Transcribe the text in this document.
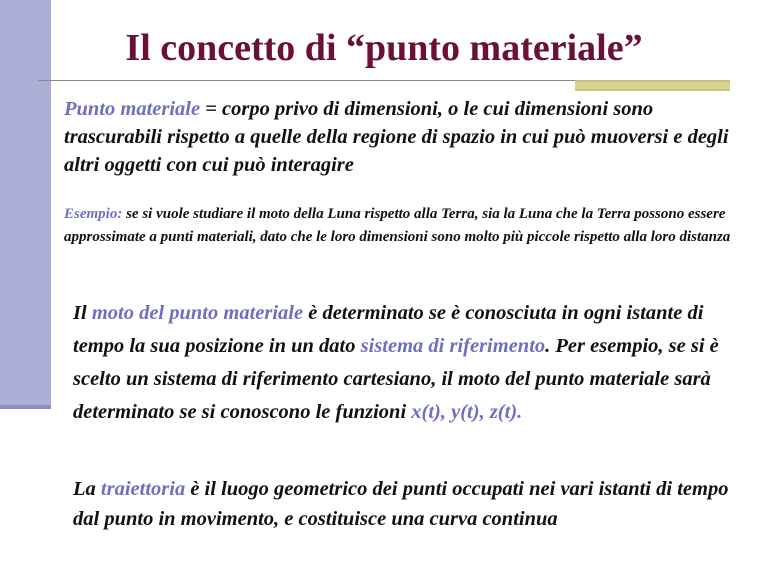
Il concetto di “punto materiale”

Punto materiale = corpo privo di dimensioni, o le cui dimensioni sono trascurabili rispetto a quelle della regione di spazio in cui può muoversi e degli altri oggetti con cui può interagire

Esempio: se si vuole studiare il moto della Luna rispetto alla Terra, sia la Luna che la Terra possono essere approssimate a punti materiali, dato che le loro dimensioni sono molto più piccole rispetto alla loro distanza

Il moto del punto materiale è determinato se è conosciuta in ogni istante di tempo la sua posizione in un dato sistema di riferimento. Per esempio, se si è scelto un sistema di riferimento cartesiano, il moto del punto materiale sarà determinato se si conoscono le funzioni x(t), y(t), z(t).

La traiettoria è il luogo geometrico dei punti occupati nei vari istanti di tempo dal punto in movimento, e costituisce una curva continua
